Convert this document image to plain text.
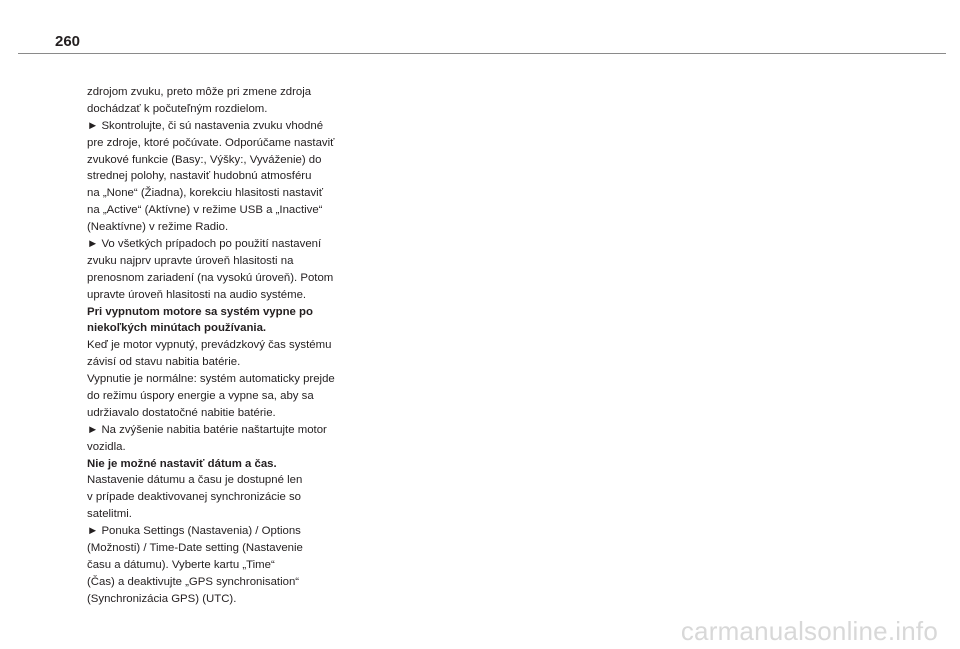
260
zdrojom zvuku, preto môže pri zmene zdroja
dochádzať k počuteľným rozdielom.
► Skontrolujte, či sú nastavenia zvuku vhodné
pre zdroje, ktoré počúvate. Odporúčame nastaviť
zvukové funkcie (Basy:, Výšky:, Vyváženie) do
strednej polohy, nastaviť hudobnú atmosféru
na „None“ (Žiadna), korekciu hlasitosti nastaviť
na „Active“ (Aktívne) v režime USB a „Inactive“
(Neaktívne) v režime Radio.
► Vo všetkých prípadoch po použití nastavení
zvuku najprv upravte úroveň hlasitosti na
prenosnom zariadení (na vysokú úroveň). Potom
upravte úroveň hlasitosti na audio systéme.
Pri vypnutom motore sa systém vypne po
niekoľkých minútach používania.
Keď je motor vypnutý, prevádzkový čas systému
závisí od stavu nabitia batérie.
Vypnutie je normálne: systém automaticky prejde
do režimu úspory energie a vypne sa, aby sa
udržiavalo dostatočné nabitie batérie.
► Na zvýšenie nabitia batérie naštartujte motor
vozidla.
Nie je možné nastaviť dátum a čas.
Nastavenie dátumu a času je dostupné len
v prípade deaktivovanej synchronizácie so
satelitmi.
► Ponuka Settings (Nastavenia) / Options
(Možnosti) / Time-Date setting (Nastavenie
času a dátumu). Vyberte kartu „Time“
(Čas) a deaktivujte „GPS synchronisation“
(Synchronizácia GPS) (UTC).
carmanualsonline.info
